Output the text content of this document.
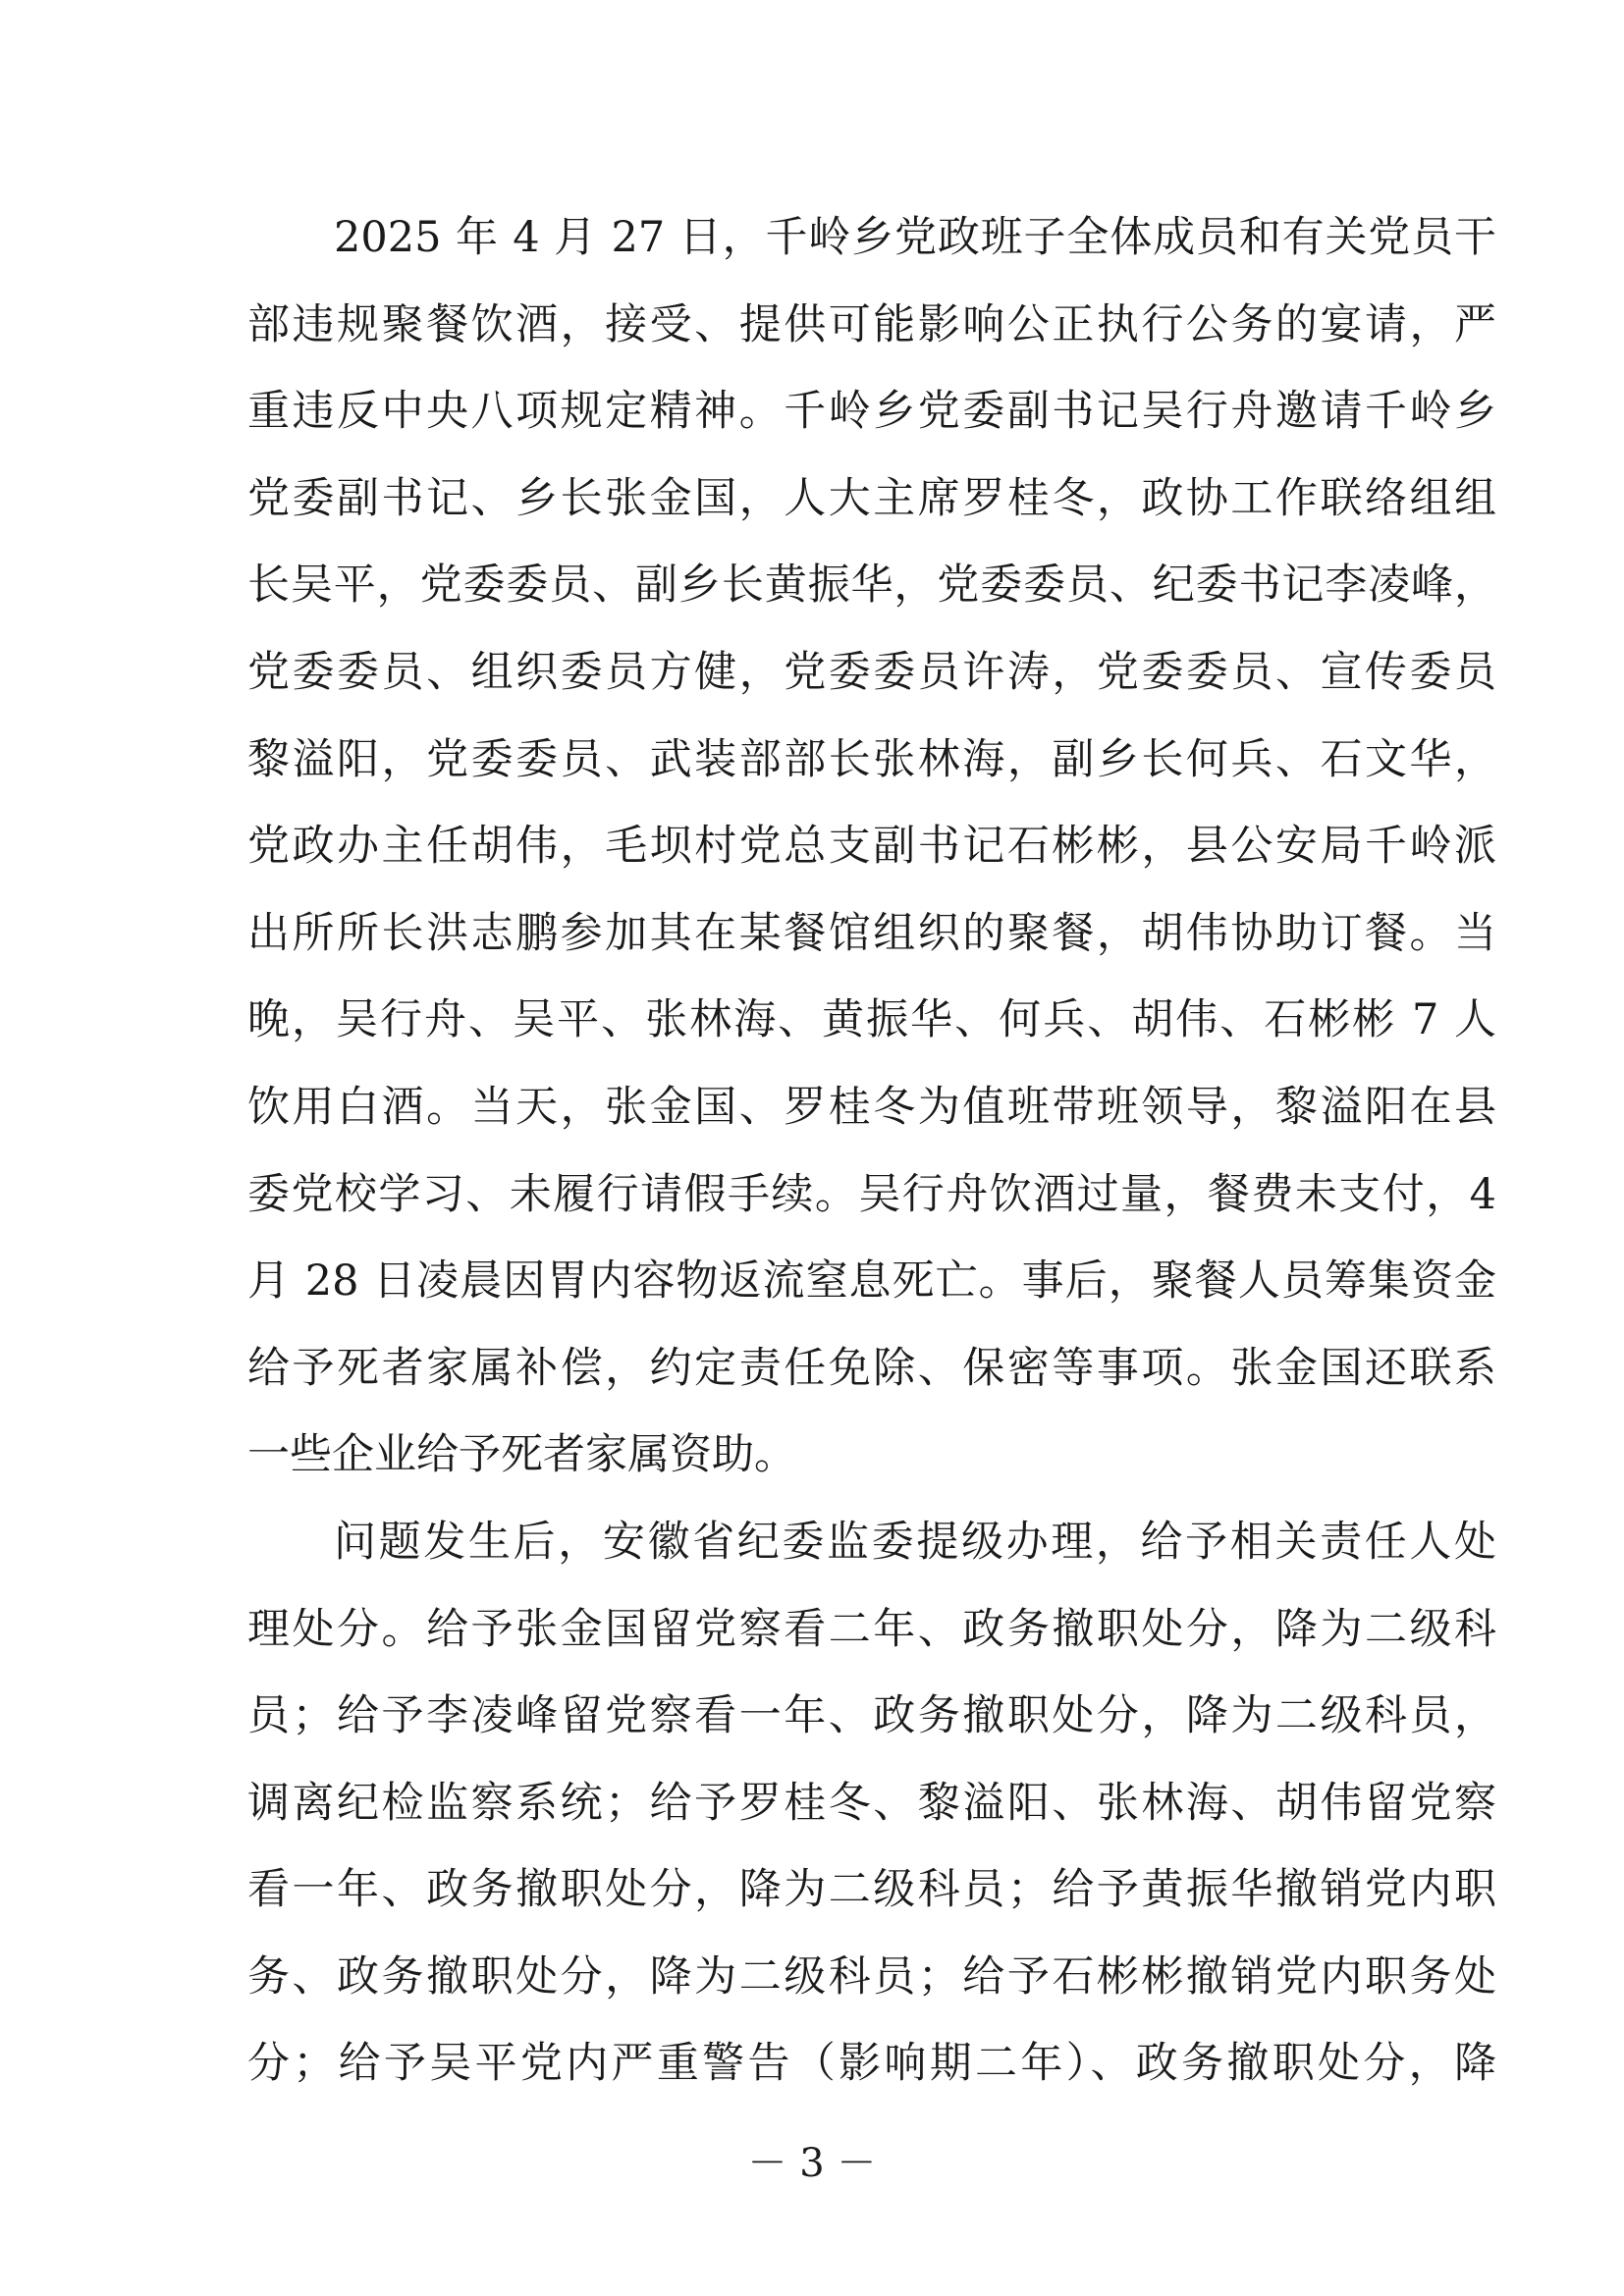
2025 年 4 月 27 日，千岭乡党政班子全体成员和有关党员干
部违规聚餐饮酒，接受、提供可能影响公正执行公务的宴请，严
重违反中央八项规定精神。千岭乡党委副书记吴行舟邀请千岭乡
党委副书记、乡长张金国，人大主席罗桂冬，政协工作联络组组
长吴平，党委委员、副乡长黄振华，党委委员、纪委书记李凌峰，
党委委员、组织委员方健，党委委员许涛，党委委员、宣传委员
黎溢阳，党委委员、武装部部长张林海，副乡长何兵、石文华，
党政办主任胡伟，毛坝村党总支副书记石彬彬，县公安局千岭派
出所所长洪志鹏参加其在某餐馆组织的聚餐，胡伟协助订餐。当
晚，吴行舟、吴平、张林海、黄振华、何兵、胡伟、石彬彬 7 人
饮用白酒。当天，张金国、罗桂冬为值班带班领导，黎溢阳在县
委党校学习、未履行请假手续。吴行舟饮酒过量，餐费未支付，4
月 28 日凌晨因胃内容物返流窒息死亡。事后，聚餐人员筹集资金
给予死者家属补偿，约定责任免除、保密等事项。张金国还联系
一些企业给予死者家属资助。
问题发生后，安徽省纪委监委提级办理，给予相关责任人处
理处分。给予张金国留党察看二年、政务撤职处分，降为二级科
员；给予李凌峰留党察看一年、政务撤职处分，降为二级科员，
调离纪检监察系统；给予罗桂冬、黎溢阳、张林海、胡伟留党察
看一年、政务撤职处分，降为二级科员；给予黄振华撤销党内职
务、政务撤职处分，降为二级科员；给予石彬彬撤销党内职务处
分；给予吴平党内严重警告（影响期二年）、政务撤职处分，降
－ 3 －
